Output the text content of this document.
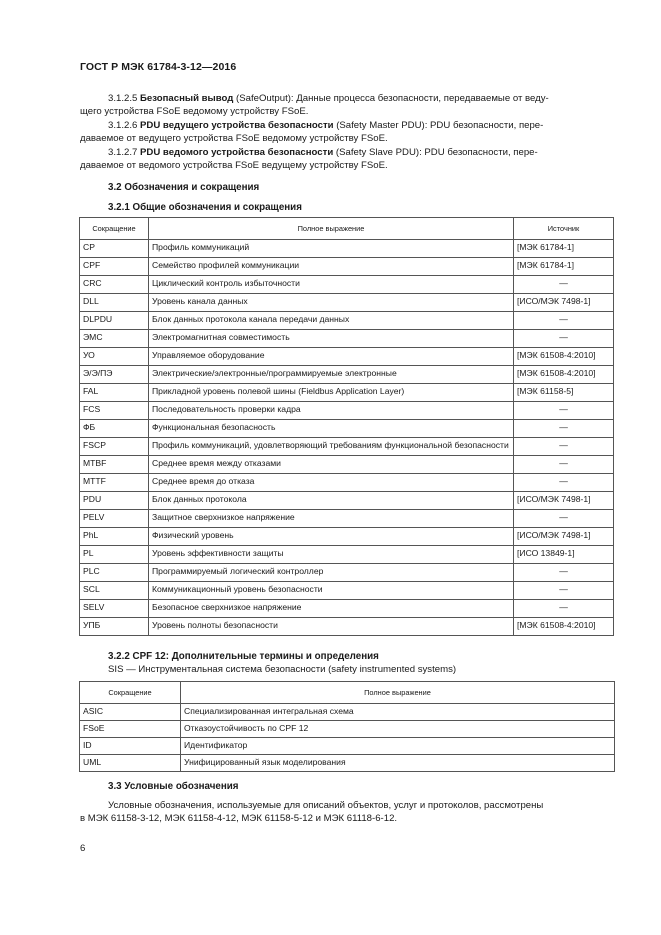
ГОСТ Р МЭК 61784-3-12—2016
3.1.2.5 Безопасный вывод (SafeOutput): Данные процесса безопасности, передаваемые от веду-
щего устройства FSoE ведомому устройству FSoE.
3.1.2.6 PDU ведущего устройства безопасности (Safety Master PDU): PDU безопасности, пере-
даваемое от ведущего устройства FSoE ведомому устройству FSoE.
3.1.2.7 PDU ведомого устройства безопасности (Safety Slave PDU): PDU безопасности, пере-
даваемое от ведомого устройства FSoE ведущему устройству FSoE.
3.2 Обозначения и сокращения
3.2.1 Общие обозначения и сокращения
Сокращение	Полное выражение	Источник
CP	Профиль коммуникаций	[МЭК 61784-1]
CPF	Семейство профилей коммуникации	[МЭК 61784-1]
CRC	Циклический контроль избыточности	—
DLL	Уровень канала данных	[ИСО/МЭК 7498-1]
DLPDU	Блок данных протокола канала передачи данных	—
ЭМС	Электромагнитная совместимость	—
УО	Управляемое оборудование	[МЭК 61508-4:2010]
Э/Э/ПЭ	Электрические/электронные/программируемые электронные	[МЭК 61508-4:2010]
FAL	Прикладной уровень полевой шины (Fieldbus Application Layer)	[МЭК 61158-5]
FCS	Последовательность проверки кадра	—
ФБ	Функциональная безопасность	—
FSCP	Профиль коммуникаций, удовлетворяющий требованиям функциональной безопасности	—
MTBF	Среднее время между отказами	—
MTTF	Среднее время до отказа	—
PDU	Блок данных протокола	[ИСО/МЭК 7498-1]
PELV	Защитное сверхнизкое напряжение	—
PhL	Физический уровень	[ИСО/МЭК 7498-1]
PL	Уровень эффективности защиты	[ИСО 13849-1]
PLC	Программируемый логический контроллер	—
SCL	Коммуникационный уровень безопасности	—
SELV	Безопасное сверхнизкое напряжение	—
УПБ	Уровень полноты безопасности	[МЭК 61508-4:2010]
3.2.2 CPF 12: Дополнительные термины и определения
SIS — Инструментальная система безопасности (safety instrumented systems)
Сокращение	Полное выражение
ASIC	Специализированная интегральная схема
FSoE	Отказоустойчивость по CPF 12
ID	Идентификатор
UML	Унифицированный язык моделирования
3.3 Условные обозначения
Условные обозначения, используемые для описаний объектов, услуг и протоколов, рассмотрены
в МЭК 61158-3-12, МЭК 61158-4-12, МЭК 61158-5-12 и МЭК 61118-6-12.
6
